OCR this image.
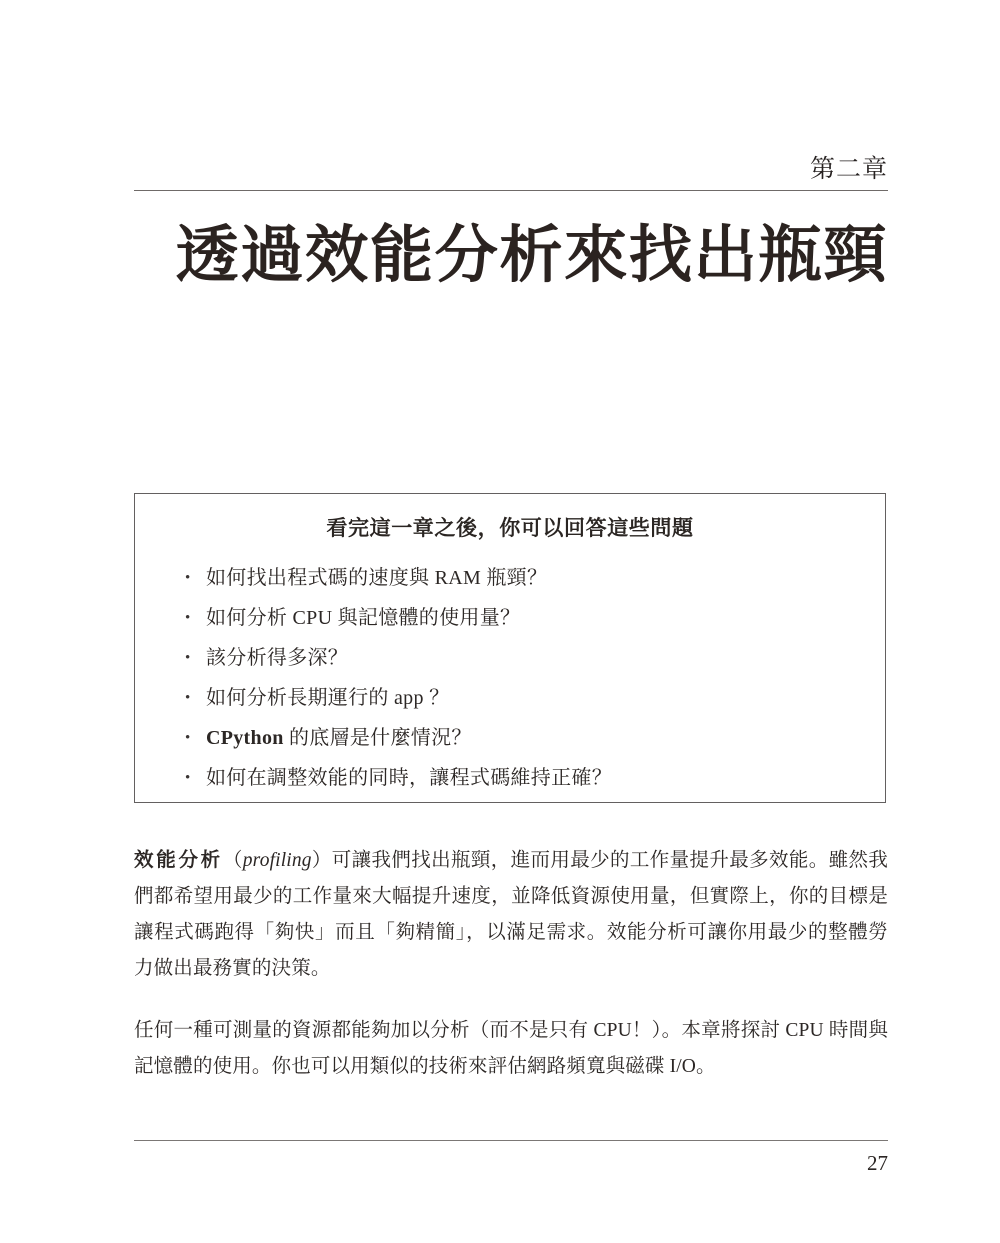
第二章
透過效能分析來找出瓶頸
看完這一章之後，你可以回答這些問題
• 如何找出程式碼的速度與 RAM 瓶頸？
• 如何分析 CPU 與記憶體的使用量？
• 該分析得多深？
• 如何分析長期運行的 app ？
• CPython 的底層是什麼情況？
• 如何在調整效能的同時，讓程式碼維持正確？

效能分析（profiling）可讓我們找出瓶頸，進而用最少的工作量提升最多效能。雖然我們都希望用最少的工作量來大幅提升速度，並降低資源使用量，但實際上，你的目標是讓程式碼跑得「夠快」而且「夠精簡」，以滿足需求。效能分析可讓你用最少的整體勞力做出最務實的決策。

任何一種可測量的資源都能夠加以分析（而不是只有 CPU！）。本章將探討 CPU 時間與記憶體的使用。你也可以用類似的技術來評估網路頻寬與磁碟 I/O。

27
